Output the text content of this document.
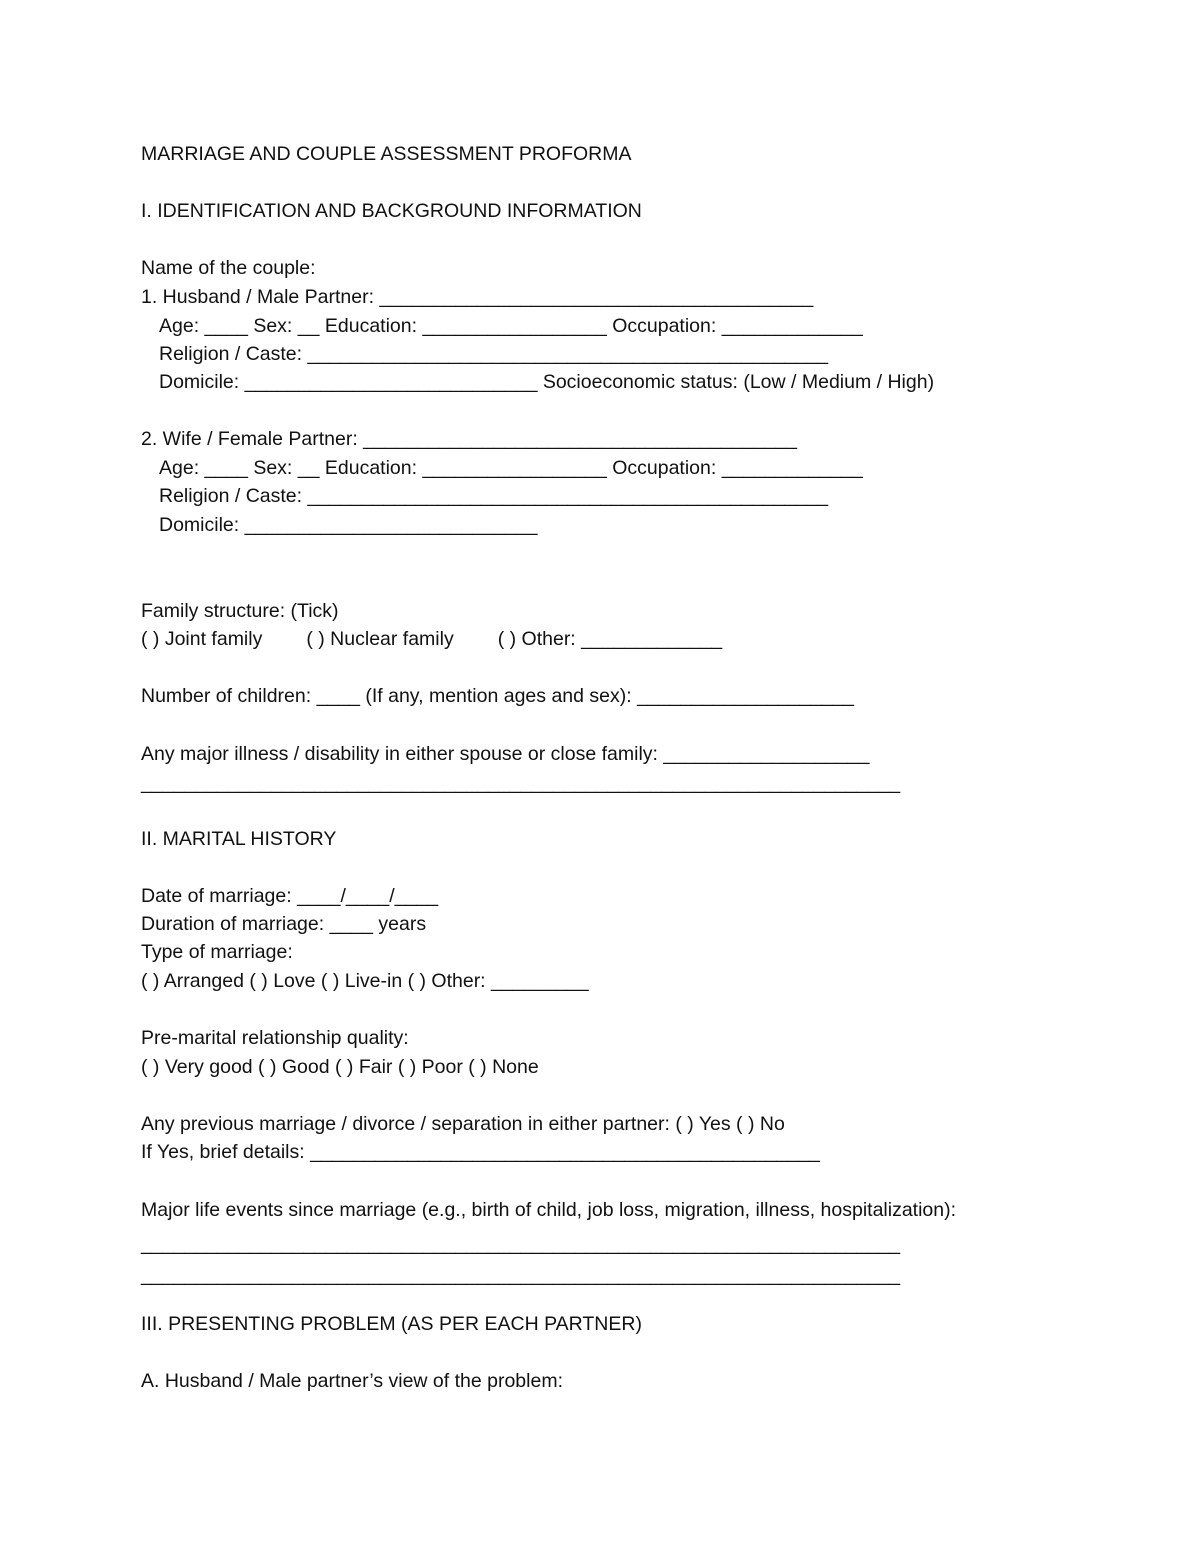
MARRIAGE AND COUPLE ASSESSMENT PROFORMA
I. IDENTIFICATION AND BACKGROUND INFORMATION
Name of the couple:
1. Husband / Male Partner: ________________________________________
Age: ____ Sex: __ Education: _________________ Occupation: _____________
Religion / Caste: ________________________________________________
Domicile: ___________________________ Socioeconomic status: (Low / Medium / High)
2. Wife / Female Partner: ________________________________________
Age: ____ Sex: __ Education: _________________ Occupation: _____________
Religion / Caste: ________________________________________________
Domicile: ___________________________
Family structure: (Tick)
( ) Joint family ( ) Nuclear family ( ) Other: _____________
Number of children: ____ (If any, mention ages and sex): ____________________
Any major illness / disability in either spouse or close family: ___________________
______________________________________________________________________
II. MARITAL HISTORY
Date of marriage: ____/____/____
Duration of marriage: ____ years
Type of marriage:
( ) Arranged ( ) Love ( ) Live-in ( ) Other: _________
Pre-marital relationship quality:
( ) Very good ( ) Good ( ) Fair ( ) Poor ( ) None
Any previous marriage / divorce / separation in either partner: ( ) Yes ( ) No
If Yes, brief details: _______________________________________________
Major life events since marriage (e.g., birth of child, job loss, migration, illness, hospitalization):
______________________________________________________________________
______________________________________________________________________
III. PRESENTING PROBLEM (AS PER EACH PARTNER)
A. Husband / Male partner’s view of the problem:
